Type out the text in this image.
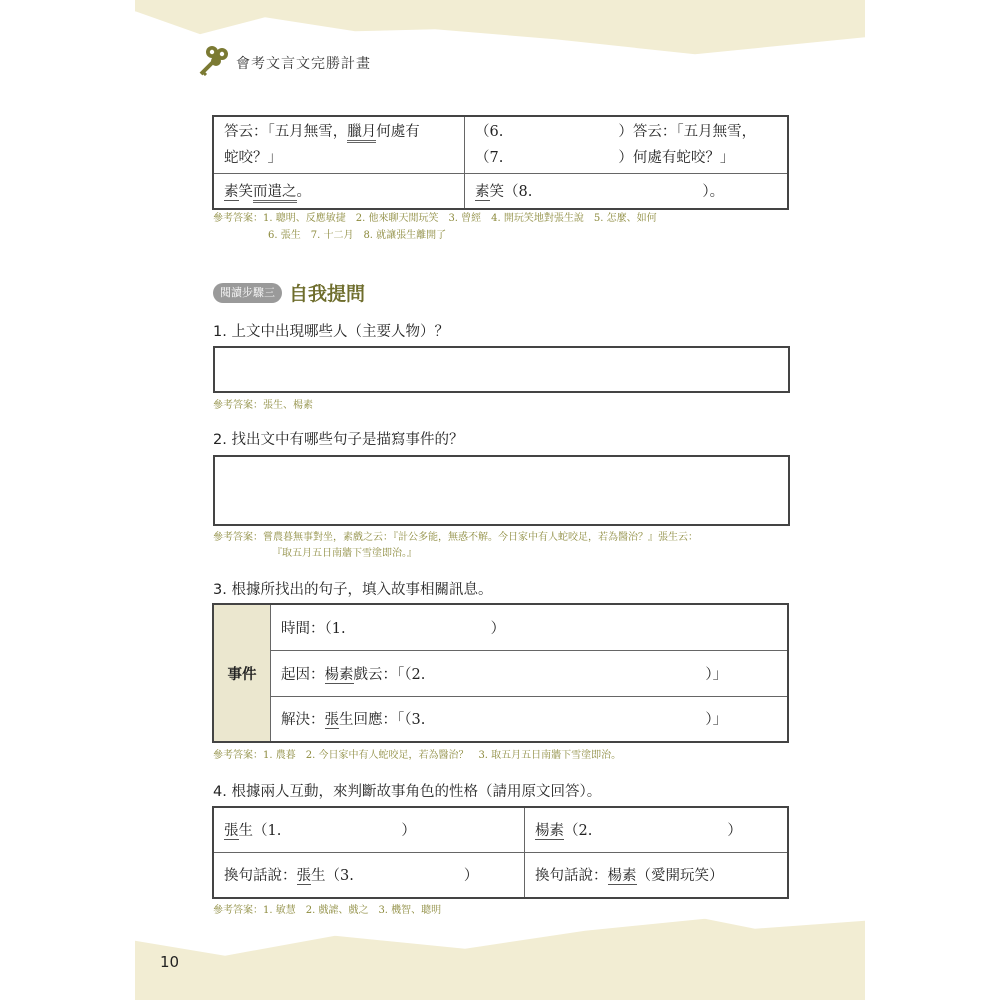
會考文言文完勝計畫
答云：「五月無雪，臘月何處有
蛇咬？」	（6. ）答云：「五月無雪，
（7. ）何處有蛇咬？」
素笑而遣之。	素笑（8. ）。
參考答案：1. 聰明、反應敏捷　2. 他來聊天閒玩笑　3. 曾經　4. 開玩笑地對張生說　5. 怎麼、如何
6. 張生　7. 十二月　8. 就讓張生離開了
閱讀步驟三 自我提問
1. 上文中出現哪些人（主要人物）？
參考答案：張生、楊素
2. 找出文中有哪些句子是描寫事件的？
參考答案：嘗農暮無事對坐，素戲之云：『計公多能，無惑不解。今日家中有人蛇咬足，若為醫治？』張生云：
『取五月五日南牆下雪塗即治。』
3. 根據所找出的句子，填入故事相關訊息。
事件	時間：（1.	）
起因：楊素戲云：「（2.	）」
解決：張生回應：「（3.	）」
參考答案：1. 農暮　2. 今日家中有人蛇咬足，若為醫治？　3. 取五月五日南牆下雪塗即治。
4. 根據兩人互動，來判斷故事角色的性格（請用原文回答）。
張生（1. ）	楊素（2. ）
換句話說：張生（3. ）	換句話說：楊素（愛開玩笑）
參考答案：1. 敏慧　2. 戲謔、戲之　3. 機智、聰明
10
